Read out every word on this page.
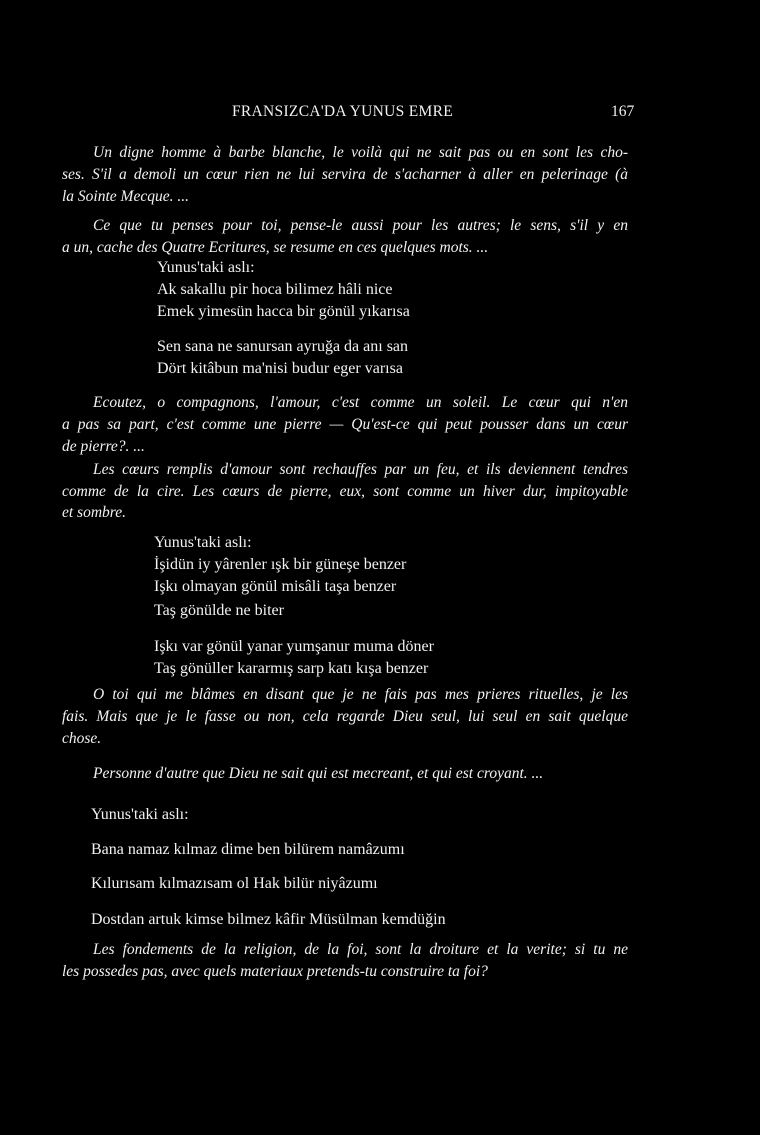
FRANSIZCA'DA YUNUS EMRE	167
Un digne homme à barbe blanche, le voilà qui ne sait pas ou en sont les cho-
ses. S'il a demoli un cœur rien ne lui servira de s'acharner à aller en pelerinage (à
la Sointe Mecque. ...
Ce que tu penses pour toi, pense-le aussi pour les autres; le sens, s'il y en
a un, cache des Quatre Ecritures, se resume en ces quelques mots. ...
Yunus'taki aslı:
Ak sakallu pir hoca bilimez hâli nice
Emek yimesün hacca bir gönül yıkarısa
Sen sana ne sanursan ayruğa da anı san
Dört kitâbun ma'nisi budur eger varısa
Ecoutez, o compagnons, l'amour, c'est comme un soleil. Le cœur qui n'en
a pas sa part, c'est comme une pierre — Qu'est-ce qui peut pousser dans un cœur
de pierre?. ...
Les cœurs remplis d'amour sont rechauffes par un feu, et ils deviennent tendres
comme de la cire. Les cœurs de pierre, eux, sont comme un hiver dur, impitoyable
et sombre.
Yunus'taki aslı:
İşidün iy yârenler ışk bir güneşe benzer
Işkı olmayan gönül misâli taşa benzer
Taş gönülde ne biter
Işkı var gönül yanar yumşanur muma döner
Taş gönüller kararmış sarp katı kışa benzer
O toi qui me blâmes en disant que je ne fais pas mes prieres rituelles, je les
fais. Mais que je le fasse ou non, cela regarde Dieu seul, lui seul en sait quelque
chose.
Personne d'autre que Dieu ne sait qui est mecreant, et qui est croyant. ...
Yunus'taki aslı:
Bana namaz kılmaz dime ben bilürem namâzumı
Kılurısam kılmazısam ol Hak bilür niyâzumı
Dostdan artuk kimse bilmez kâfir Müsülman kemdüğin
Les fondements de la religion, de la foi, sont la droiture et la verite; si tu ne
les possedes pas, avec quels materiaux pretends-tu construire ta foi?
